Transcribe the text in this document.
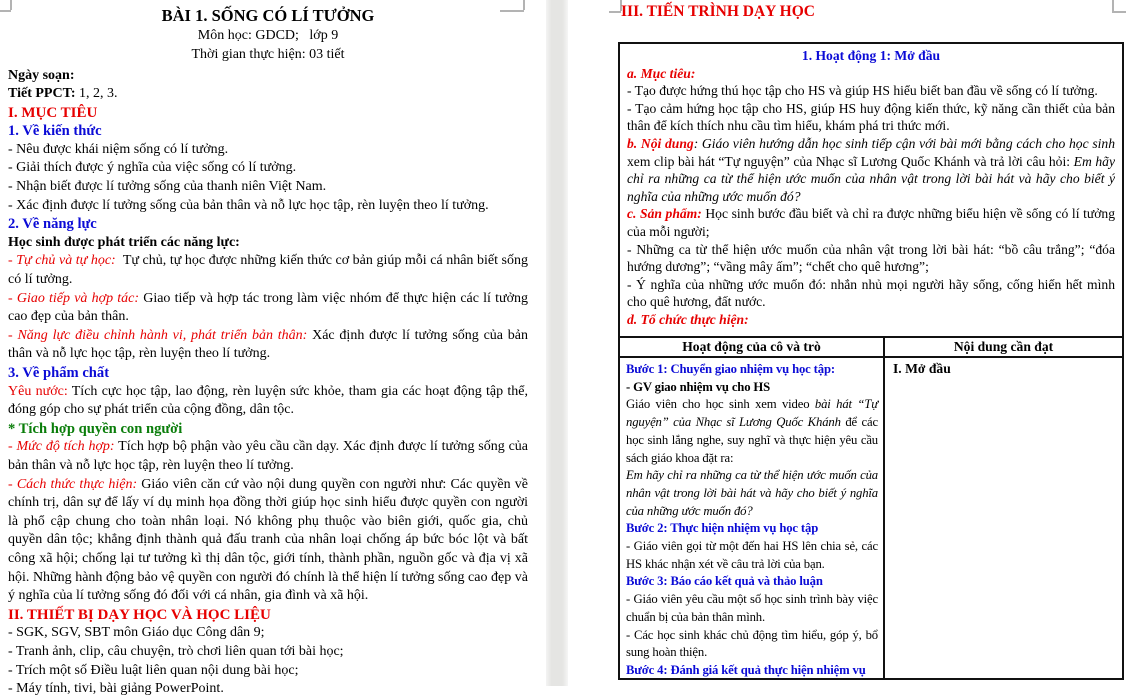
BÀI 1. SỐNG CÓ LÍ TƯỞNG
Môn học: GDCD;   lớp 9
Thời gian thực hiện: 03 tiết
Ngày soạn:
Tiết PPCT: 1, 2, 3.
I. MỤC TIÊU
1. Về kiến thức
- Nêu được khái niệm sống có lí tưởng.
- Giải thích được ý nghĩa của việc sống có lí tưởng.
- Nhận biết được lí tưởng sống của thanh niên Việt Nam.
- Xác định được lí tưởng sống của bản thân và nỗ lực học tập, rèn luyện theo lí tưởng.
2. Về năng lực
Học sinh được phát triển các năng lực:
- Tự chủ và tự học:  Tự chủ, tự học được những kiến thức cơ bản giúp mỗi cá nhân biết sống có lí tưởng.
- Giao tiếp và hợp tác: Giao tiếp và hợp tác trong làm việc nhóm để thực hiện các lí tưởng cao đẹp của bản thân.
- Năng lực điều chỉnh hành vi, phát triển bản thân: Xác định được lí tưởng sống của bản thân và nỗ lực học tập, rèn luyện theo lí tưởng.
3. Về phẩm chất
Yêu nước: Tích cực học tập, lao động, rèn luyện sức khỏe, tham gia các hoạt động tập thể, đóng góp cho sự phát triển của cộng đồng, dân tộc.
* Tích hợp quyền con người
- Mức độ tích hợp: Tích hợp bộ phận vào yêu cầu cần dạy. Xác định được lí tưởng sống của bản thân và nỗ lực học tập, rèn luyện theo lí tưởng.
- Cách thức thực hiện: Giáo viên căn cứ vào nội dung quyền con người như: Các quyền về chính trị, dân sự để lấy ví dụ minh họa đồng thời giúp học sinh hiểu được quyền con người là phổ cập chung cho toàn nhân loại. Nó không phụ thuộc vào biên giới, quốc gia, chủ quyền dân tộc; khẳng định thành quả đấu tranh của nhân loại chống áp bức bóc lột và bất công xã hội; chống lại tư tưởng kì thị dân tộc, giới tính, thành phần, nguồn gốc và địa vị xã hội. Những hành động bảo vệ quyền con người đó chính là thể hiện lí tưởng sống cao đẹp và ý nghĩa của lí tưởng sống đó đối với cá nhân, gia đình và xã hội.
II. THIẾT BỊ DẠY HỌC VÀ HỌC LIỆU
- SGK, SGV, SBT môn Giáo dục Công dân 9;
- Tranh ảnh, clip, câu chuyện, trò chơi liên quan tới bài học;
- Trích một số Điều luật liên quan nội dung bài học;
- Máy tính, tivi, bài giảng PowerPoint.
III. TIẾN TRÌNH DẠY HỌC
1. Hoạt động 1: Mở đầu
a. Mục tiêu:
- Tạo được hứng thú học tập cho HS và giúp HS hiểu biết ban đầu về sống có lí tưởng.
- Tạo cảm hứng học tập cho HS, giúp HS huy động kiến thức, kỹ năng cần thiết của bản thân để kích thích nhu cầu tìm hiểu, khám phá tri thức mới.
b. Nội dung: Giáo viên hướng dẫn học sinh tiếp cận với bài mới bằng cách cho học sinh xem clip bài hát “Tự nguyện” của Nhạc sĩ Lương Quốc Khánh và trả lời câu hỏi: Em hãy chỉ ra những ca từ thể hiện ước muốn của nhân vật trong lời bài hát và hãy cho biết ý nghĩa của những ước muốn đó?
c. Sản phẩm: Học sinh bước đầu biết và chỉ ra được những biểu hiện về sống có lí tưởng của mỗi người;
- Những ca từ thể hiện ước muốn của nhân vật trong lời bài hát: “bồ câu trắng”; “đóa hướng dương”; “vầng mây ấm”; “chết cho quê hương”;
- Ý nghĩa của những ước muốn đó: nhắn nhủ mọi người hãy sống, cống hiến hết mình cho quê hương, đất nước.
d. Tổ chức thực hiện:
Hoạt động của cô và trò	Nội dung cần đạt
Bước 1: Chuyển giao nhiệm vụ học tập:
- GV giao nhiệm vụ cho HS
Giáo viên cho học sinh xem video bài hát “Tự nguyện” của Nhạc sĩ Lương Quốc Khánh để các học sinh lắng nghe, suy nghĩ và thực hiện yêu cầu sách giáo khoa đặt ra:
Em hãy chỉ ra những ca từ thể hiện ước muốn của nhân vật trong lời bài hát và hãy cho biết ý nghĩa của những ước muốn đó?
Bước 2: Thực hiện nhiệm vụ học tập
- Giáo viên gọi từ một đến hai HS lên chia sẻ, các HS khác nhận xét về câu trả lời của bạn.
Bước 3: Báo cáo kết quả và thảo luận
- Giáo viên yêu cầu một số học sinh trình bày việc chuẩn bị của bản thân mình.
- Các học sinh khác chủ động tìm hiểu, góp ý, bổ sung hoàn thiện.
Bước 4: Đánh giá kết quả thực hiện nhiệm vụ
I. Mở đầu
